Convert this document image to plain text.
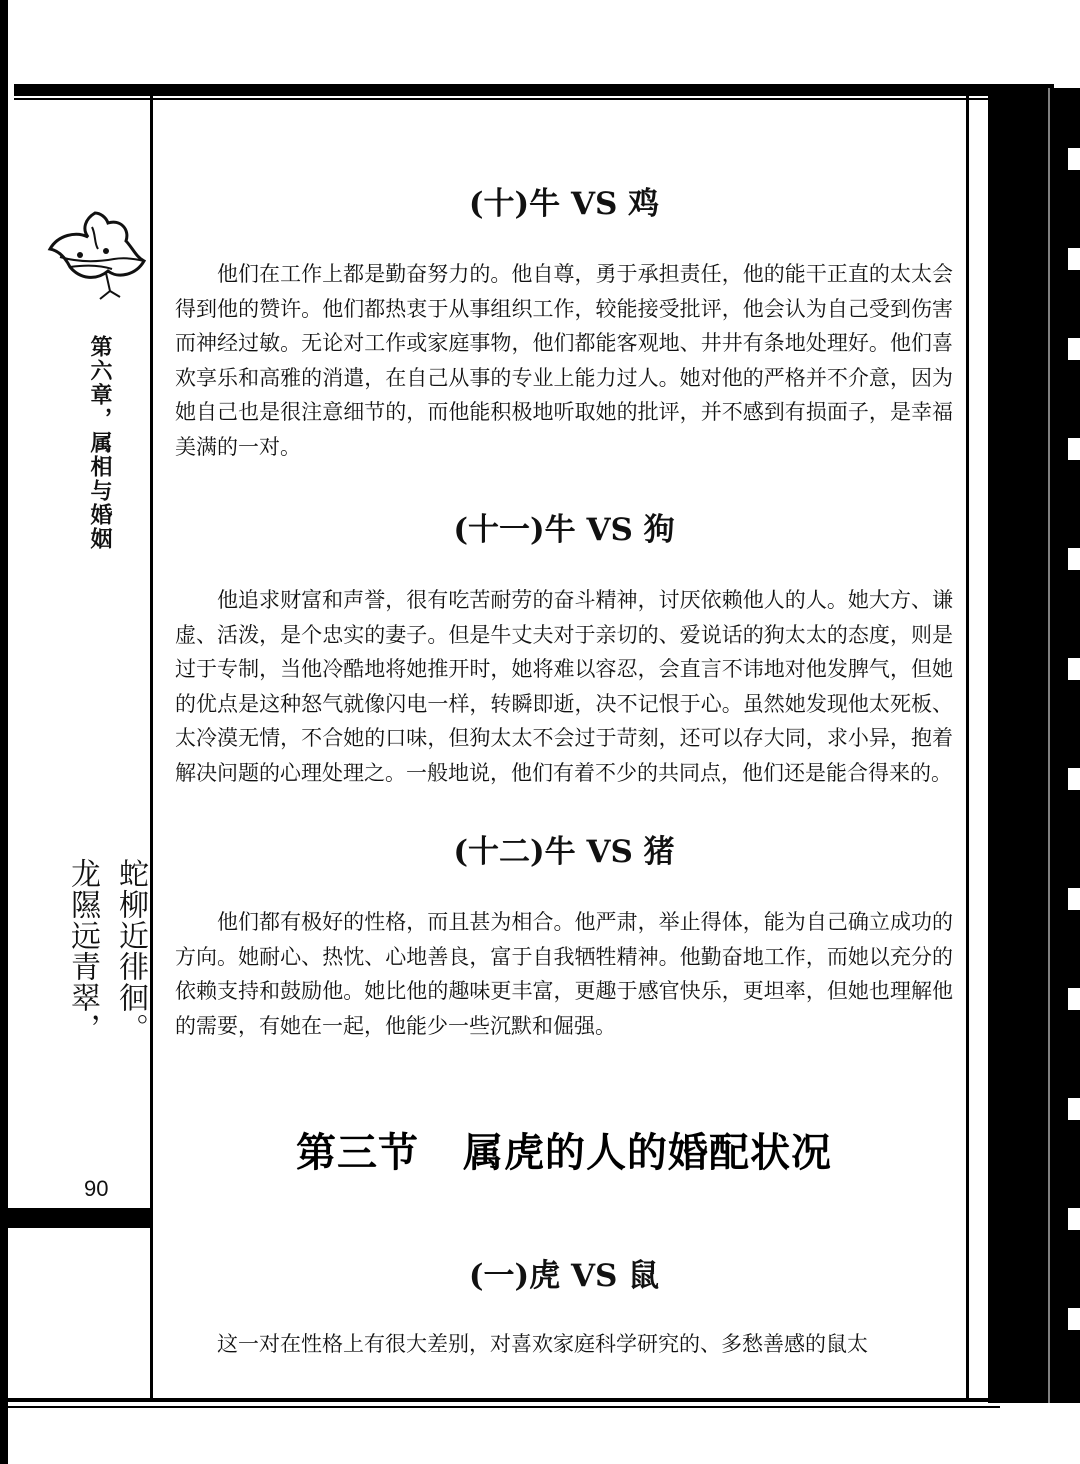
第六章，属相与婚姻
蛇柳近徘徊。
龙隰远青翠，
90
(十)牛 VS 鸡

他们在工作上都是勤奋努力的。他自尊，勇于承担责任，他的能干正直的太太会得到他的赞许。他们都热衷于从事组织工作，较能接受批评，他会认为自己受到伤害而神经过敏。无论对工作或家庭事物，他们都能客观地、井井有条地处理好。他们喜欢享乐和高雅的消遣，在自己从事的专业上能力过人。她对他的严格并不介意，因为她自己也是很注意细节的，而他能积极地听取她的批评，并不感到有损面子，是幸福美满的一对。

(十一)牛 VS 狗

他追求财富和声誉，很有吃苦耐劳的奋斗精神，讨厌依赖他人的人。她大方、谦虚、活泼，是个忠实的妻子。但是牛丈夫对于亲切的、爱说话的狗太太的态度，则是过于专制，当他冷酷地将她推开时，她将难以容忍，会直言不讳地对他发脾气，但她的优点是这种怒气就像闪电一样，转瞬即逝，决不记恨于心。虽然她发现他太死板、太冷漠无情，不合她的口味，但狗太太不会过于苛刻，还可以存大同，求小异，抱着解决问题的心理处理之。一般地说，他们有着不少的共同点，他们还是能合得来的。

(十二)牛 VS 猪

他们都有极好的性格，而且甚为相合。他严肃，举止得体，能为自己确立成功的方向。她耐心、热忱、心地善良，富于自我牺牲精神。他勤奋地工作，而她以充分的依赖支持和鼓励他。她比他的趣味更丰富，更趣于感官快乐，更坦率，但她也理解他的需要，有她在一起，他能少一些沉默和倔强。

第三节 属虎的人的婚配状况
(一)虎 VS 鼠

这一对在性格上有很大差别，对喜欢家庭科学研究的、多愁善感的鼠太
